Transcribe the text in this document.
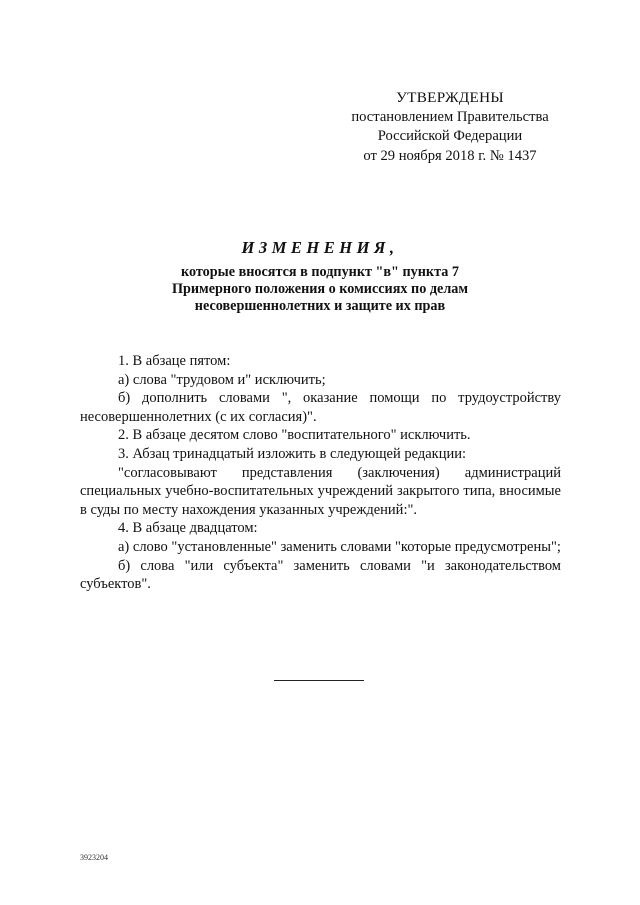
УТВЕРЖДЕНЫ
постановлением Правительства
Российской Федерации
от 29 ноября 2018 г. № 1437
ИЗМЕНЕНИЯ,
которые вносятся в подпункт "в" пункта 7
Примерного положения о комиссиях по делам
несовершеннолетних и защите их прав

1. В абзаце пятом:

а) слова "трудовом и" исключить;

б) дополнить словами ", оказание помощи по трудоустройству несовершеннолетних (с их согласия)".

2. В абзаце десятом слово "воспитательного" исключить.

3. Абзац тринадцатый изложить в следующей редакции:

"согласовывают представления (заключения) администраций специальных учебно-воспитательных учреждений закрытого типа, вносимые в суды по месту нахождения указанных учреждений:".

4. В абзаце двадцатом:

а) слово "установленные" заменить словами "которые предусмотрены";

б) слова "или субъекта" заменить словами "и законодательством субъектов".

3923204
